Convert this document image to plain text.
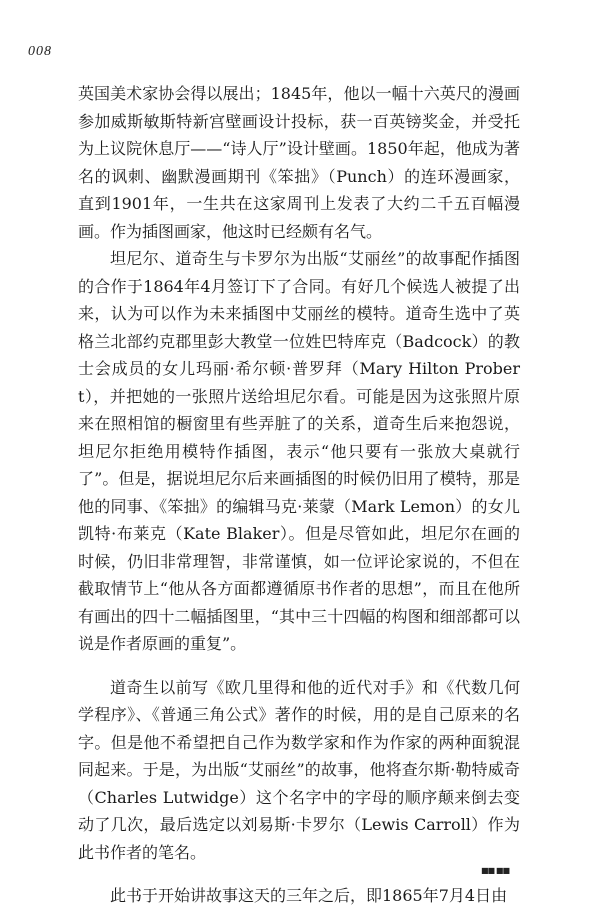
008

英国美术家协会得以展出；1845年，他以一幅十六英尺的漫画参加威斯敏斯特新宫壁画设计投标，获一百英镑奖金，并受托为上议院休息厅——“诗人厅”设计壁画。1850年起，他成为著名的讽刺、幽默漫画期刊《笨拙》（Punch）的连环漫画家，直到1901年，一生共在这家周刊上发表了大约二千五百幅漫画。作为插图画家，他这时已经颇有名气。

坦尼尔、道奇生与卡罗尔为出版“艾丽丝”的故事配作插图的合作于1864年4月签订下了合同。有好几个候选人被提了出来，认为可以作为未来插图中艾丽丝的模特。道奇生选中了英格兰北部约克郡里彭大教堂一位姓巴特库克（Badcock）的教士会成员的女儿玛丽·希尔顿·普罗拜（Mary Hilton Probert），并把她的一张照片送给坦尼尔看。可能是因为这张照片原来在照相馆的橱窗里有些弄脏了的关系，道奇生后来抱怨说，坦尼尔拒绝用模特作插图，表示“他只要有一张放大桌就行了”。但是，据说坦尼尔后来画插图的时候仍旧用了模特，那是他的同事、《笨拙》的编辑马克·莱蒙（Mark Lemon）的女儿凯特·布莱克（Kate Blaker）。但是尽管如此，坦尼尔在画的时候，仍旧非常理智，非常谨慎，如一位评论家说的，不但在截取情节上“他从各方面都遵循原书作者的思想”，而且在他所有画出的四十二幅插图里，“其中三十四幅的构图和细部都可以说是作者原画的重复”。

道奇生以前写《欧几里得和他的近代对手》和《代数几何学程序》、《普通三角公式》著作的时候，用的是自己原来的名字。但是他不希望把自己作为数学家和作为作家的两种面貌混同起来。于是，为出版“艾丽丝”的故事，他将查尔斯·勒特威奇（Charles Lutwidge）这个名字中的字母的顺序颠来倒去变动了几次，最后选定以刘易斯·卡罗尔（Lewis Carroll）作为此书作者的笔名。

此书于开始讲故事这天的三年之后，即1865年7月4日由

■■ ■■
